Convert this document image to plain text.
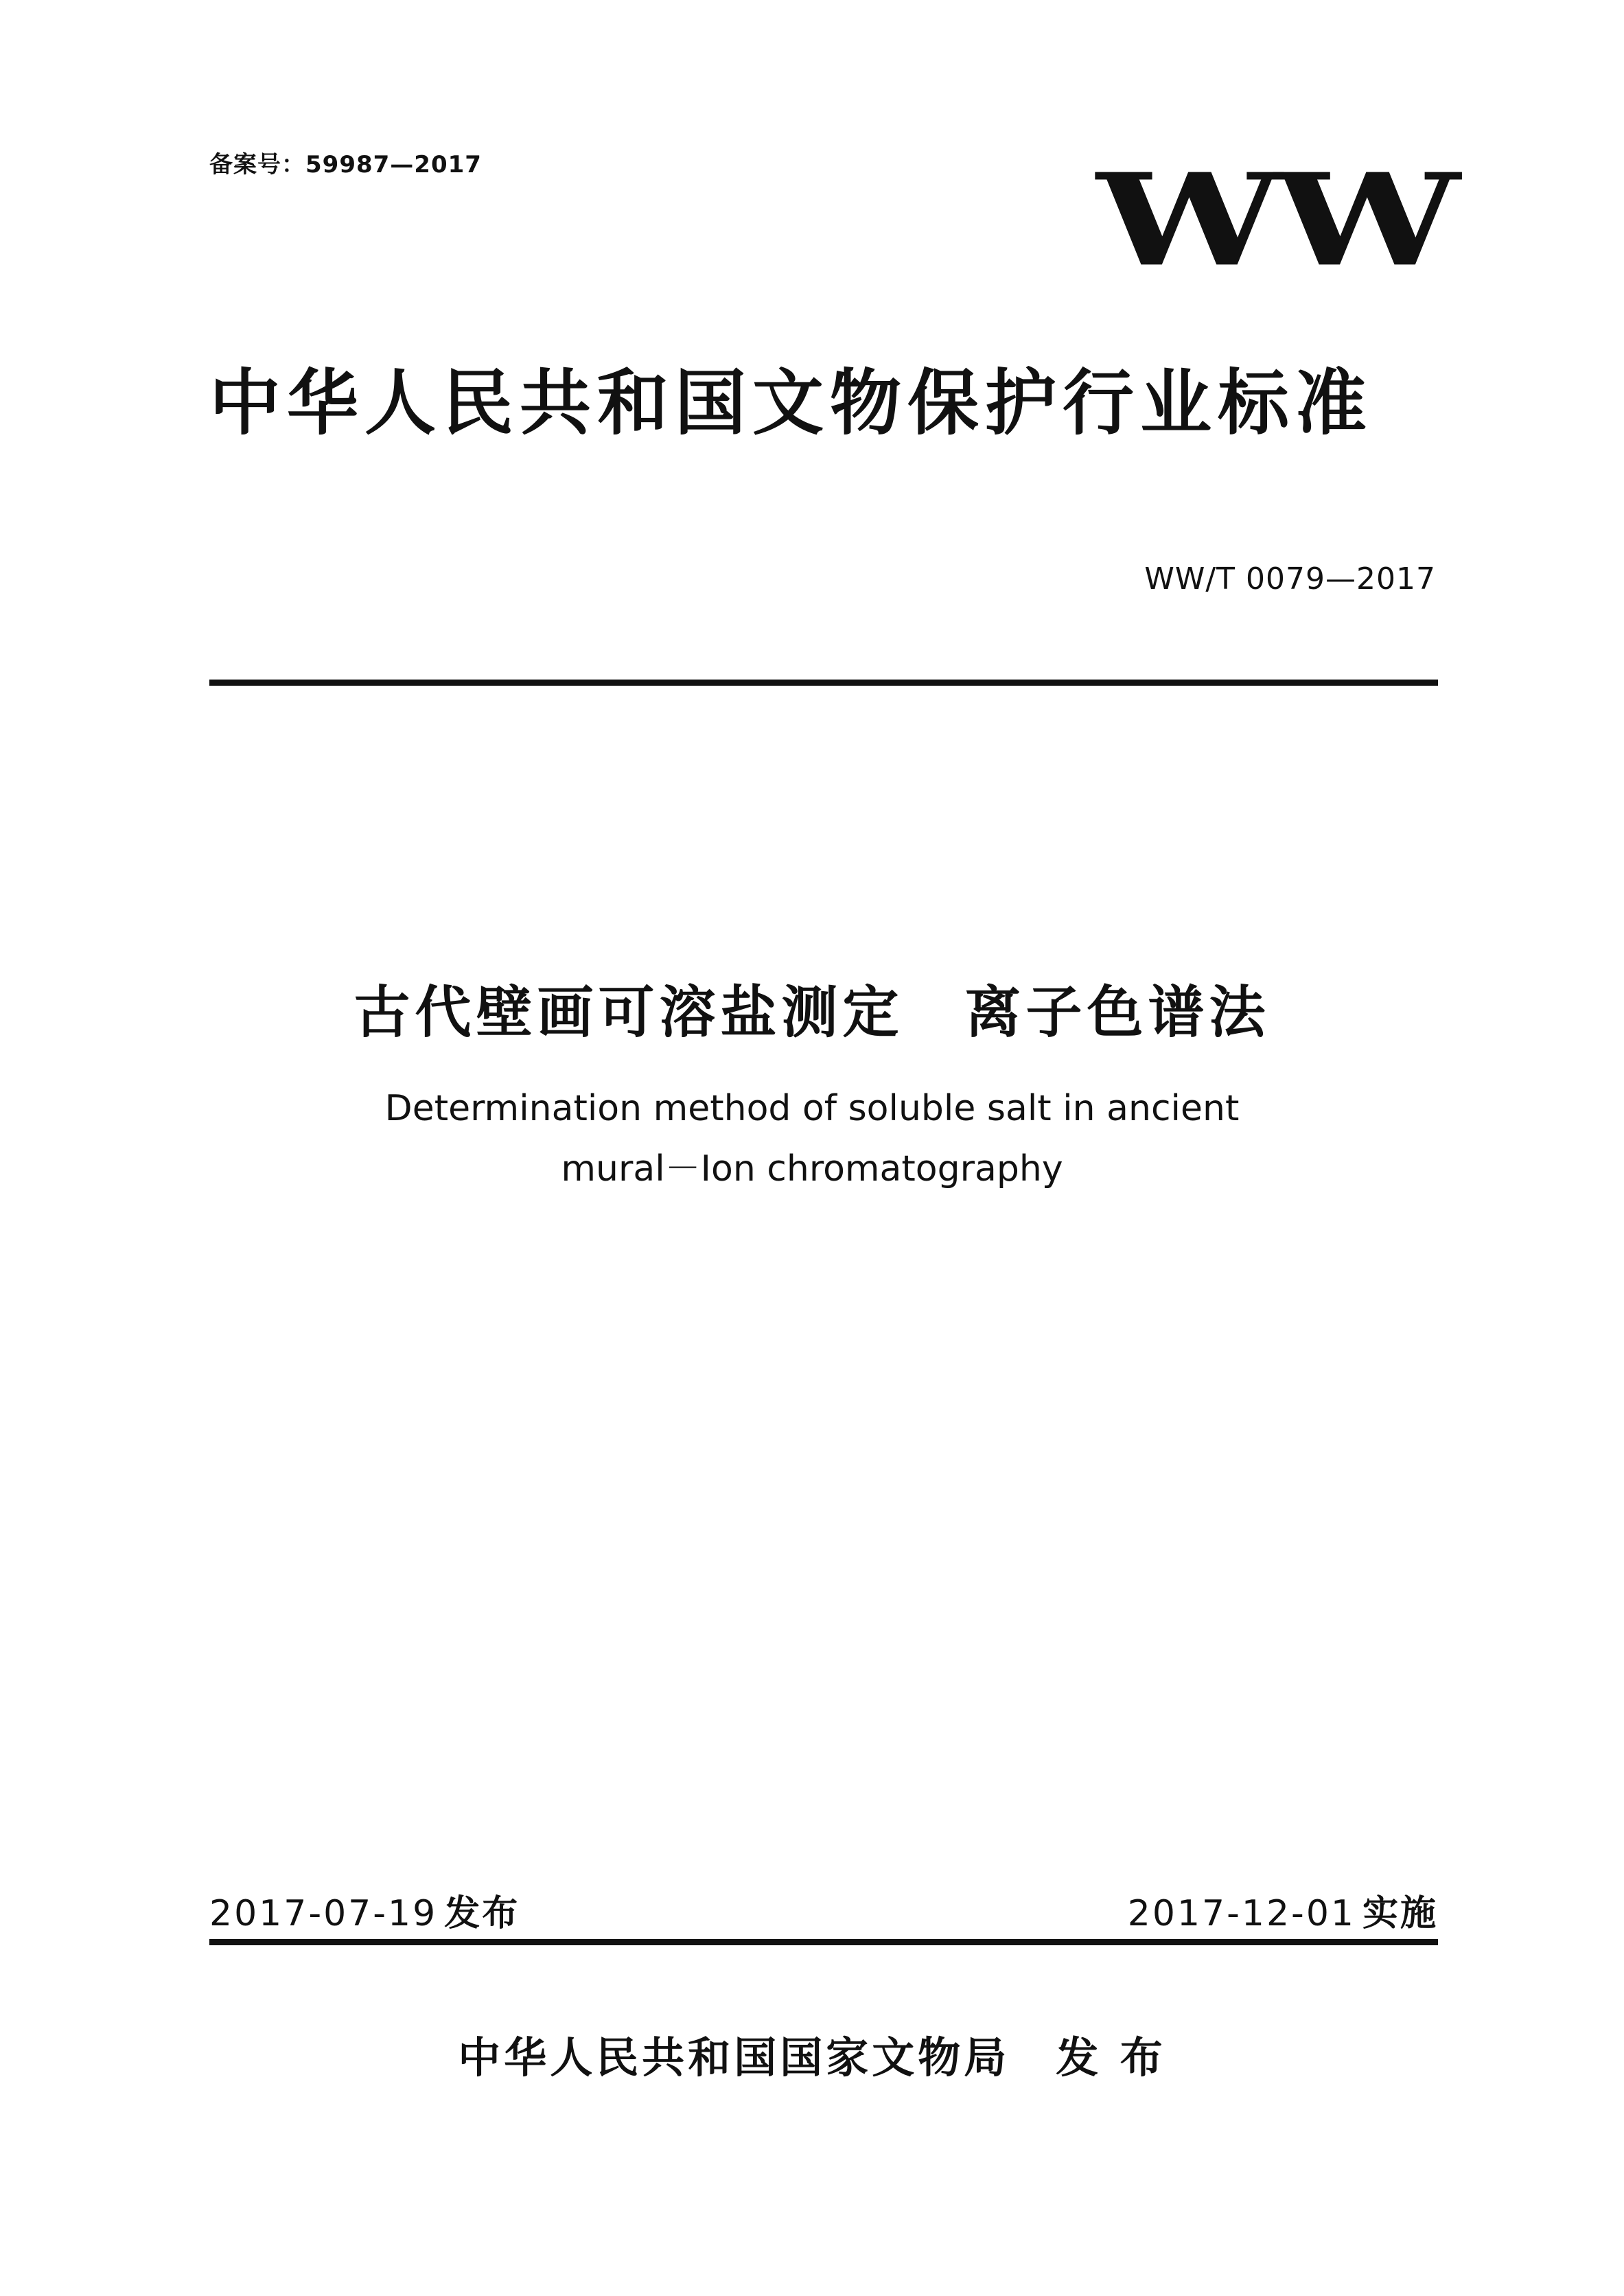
备案号：59987—2017	WW
中华人民共和国文物保护行业标准
WW/T 0079—2017
古代壁画可溶盐测定　离子色谱法
Determination method of soluble salt in ancient
mural－Ion chromatography
2017-07-19 发布	2017-12-01 实施
中华人民共和国国家文物局　发 布
